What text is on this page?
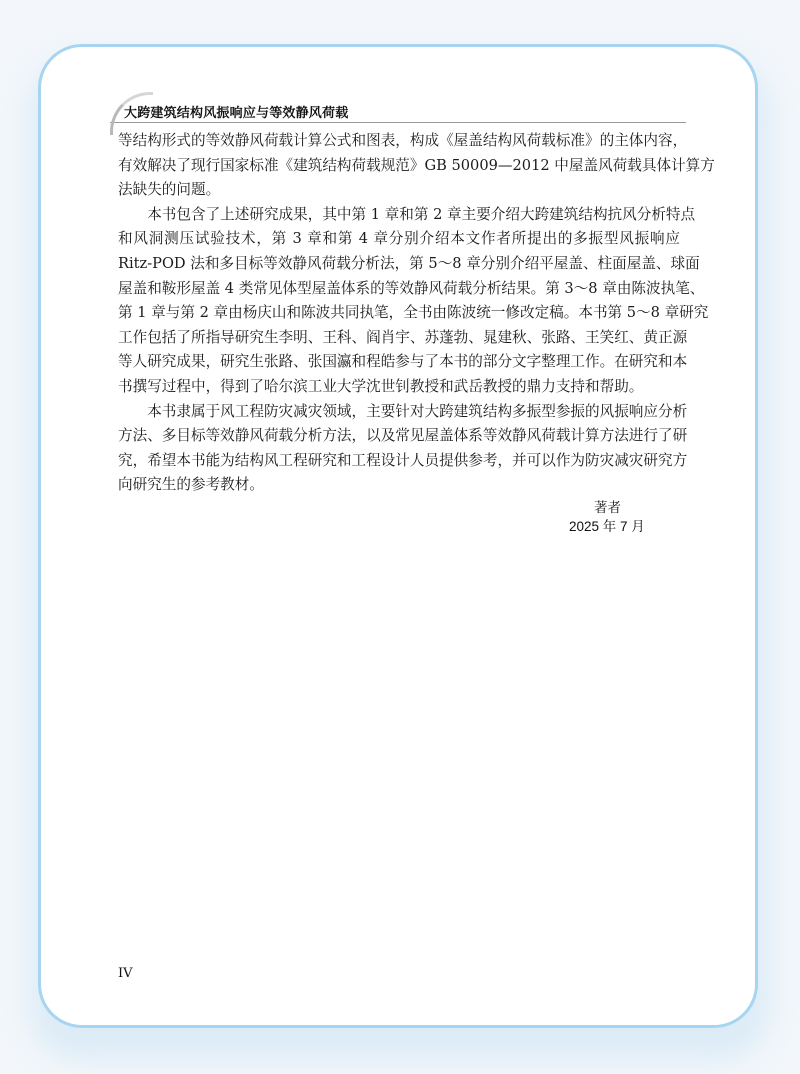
大跨建筑结构风振响应与等效静风荷载
等结构形式的等效静风荷载计算公式和图表，构成《屋盖结构风荷载标准》的主体内容，
有效解决了现行国家标准《建筑结构荷载规范》GB 50009—2012 中屋盖风荷载具体计算方
法缺失的问题。
　　本书包含了上述研究成果，其中第 1 章和第 2 章主要介绍大跨建筑结构抗风分析特点
和风洞测压试验技术，第 3 章和第 4 章分别介绍本文作者所提出的多振型风振响应
Ritz-POD 法和多目标等效静风荷载分析法，第 5～8 章分别介绍平屋盖、柱面屋盖、球面
屋盖和鞍形屋盖 4 类常见体型屋盖体系的等效静风荷载分析结果。第 3～8 章由陈波执笔、
第 1 章与第 2 章由杨庆山和陈波共同执笔，全书由陈波统一修改定稿。本书第 5～8 章研究
工作包括了所指导研究生李明、王科、阎肖宇、苏蓬勃、晁建秋、张路、王笑红、黄正源
等人研究成果，研究生张路、张国瀛和程皓参与了本书的部分文字整理工作。在研究和本
书撰写过程中，得到了哈尔滨工业大学沈世钊教授和武岳教授的鼎力支持和帮助。
　　本书隶属于风工程防灾减灾领域，主要针对大跨建筑结构多振型参振的风振响应分析
方法、多目标等效静风荷载分析方法，以及常见屋盖体系等效静风荷载计算方法进行了研
究，希望本书能为结构风工程研究和工程设计人员提供参考，并可以作为防灾减灾研究方
向研究生的参考教材。
著者
2025 年 7 月
IV
